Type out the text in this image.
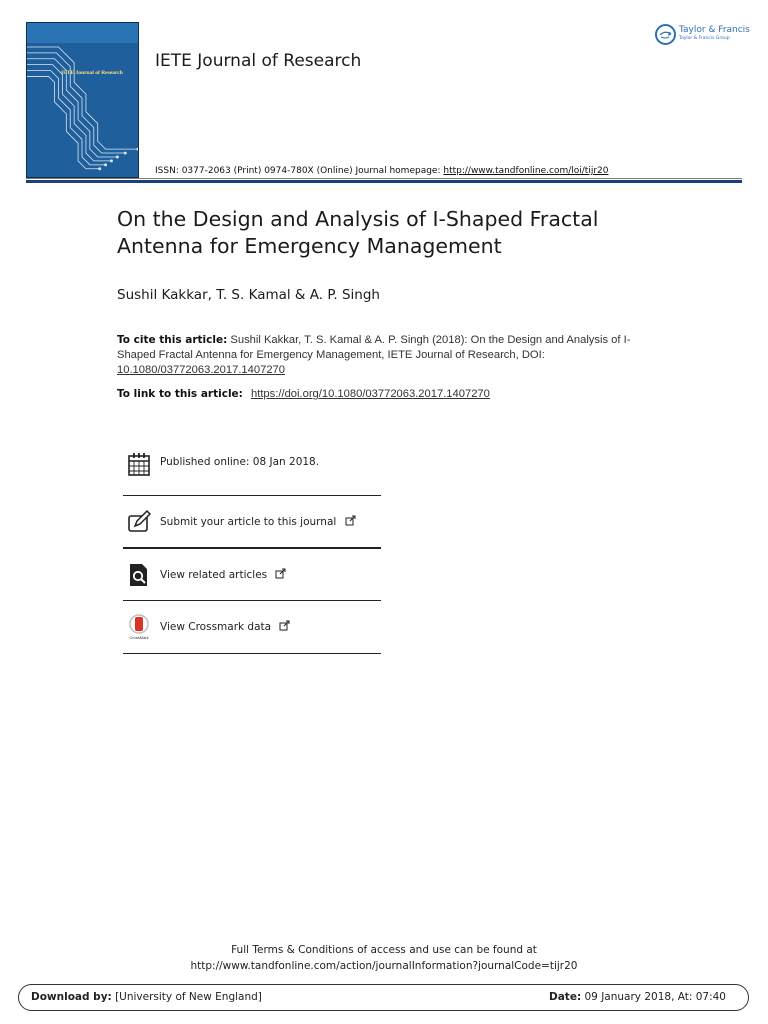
IETE Journal of Research
IETE Journal of Research
Taylor & Francis
Taylor & Francis Group
ISSN: 0377-2063 (Print) 0974-780X (Online) Journal homepage: http://www.tandfonline.com/loi/tijr20
On the Design and Analysis of I-Shaped Fractal
Antenna for Emergency Management
Sushil Kakkar, T. S. Kamal & A. P. Singh
To cite this article: Sushil Kakkar, T. S. Kamal & A. P. Singh (2018): On the Design and Analysis of I-Shaped Fractal Antenna for Emergency Management, IETE Journal of Research, DOI: 10.1080/03772063.2017.1407270
To link to this article: https://doi.org/10.1080/03772063.2017.1407270
Published online: 08 Jan 2018.
Submit your article to this journal
View related articles
CrossMark
View Crossmark data
Full Terms & Conditions of access and use can be found at
http://www.tandfonline.com/action/journalInformation?journalCode=tijr20
Download by: [University of New England]	Date: 09 January 2018, At: 07:40
